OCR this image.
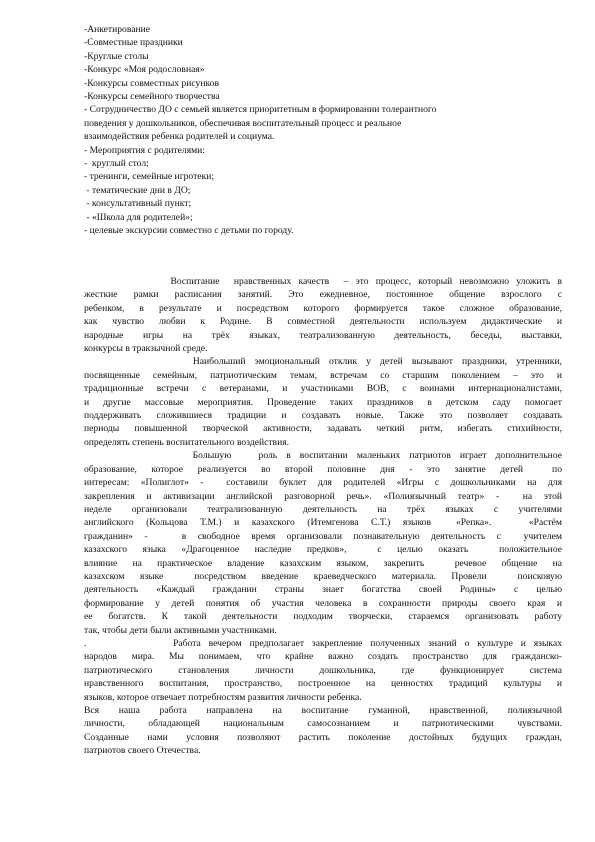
-Анкетирование
-Совместные праздники
-Круглые столы
-Конкурс «Моя родословная»
-Конкурсы совместных рисунков
-Конкурсы семейного творчества
- Сотрудничество ДО с семьей является приоритетным в формировании толерантного
поведения у дошкольников, обеспечивая воспитательный процесс и реальное
взаимодействия ребенка родителей и социума.
- Мероприятия с родителями:
-  круглый стол;
- тренинги, семейные игротеки;
- тематические дни в ДО;
- консультативный пункт;
- «Школа для родителей»;
- целевые экскурсии совместно с детьми по городу.
Воспитание  нравственных качеств  – это процесс, который невозможно уложить в
жесткие рамки расписания занятий. Это ежедневное, постоянное общение взрослого с
ребенком, в результате и посредством которого формируется такое сложное образование,
как чувство любви к Родине. В совместной деятельности используем дидактические и
народные игры на трёх языках, театрализованную деятельность, беседы, выставки,
конкурсы в тракзычной среде.
Наибольший эмоциональный отклик у детей вызывают праздники, утренники,
посвященные семейным, патриотическим темам, встречам со старшим поколением – это и
традиционные встречи с ветеранами, и участниками ВОВ, с воинами интернационалистами,
и другие массовые мероприятия. Проведение таких праздников в детском саду помогает
поддерживать сложившиеся традиции и создавать новые. Также это позволяет создавать
периоды повышенной творческой активности, задавать четкий ритм, избегать стихийности,
определять степень воспитательного воздействия.
Большую   роль в воспитании маленьких патриотов играет дополнительное
образование, которое реализуется во второй половине дня - это занятие детей  по
интересам: «Полиглот» -  составили буклет для родителей «Игры с дошкольниками на для
закрепления и активизации английской разговорной речь». «Полиязычный театр» -  на этой
неделе организовали театрализованную деятельность на трёх языках с учителями
английского (Кольцова Т.М.) и казахского (Итемгенова С.Т.) языков  «Репка».   «Растём
гражданин» -   в свободное время организовали познавательную деятельность с  учителем
казахского языка «Драгоценное наследие предков»,  с целью оказать  положительное
влияние на практическое владение казахским языком, закрепить  речевое общение на
казахском языке  посредством введение краеведческого материала. Провели  поисковую
деятельность «Каждый гражданин страны знает богатства своей Родины» с целью
формирование у детей понятия об участия человека в сохранности природы своего края и
ее богатств. К такой деятельности подходим творчески, стараемся организовать работу
так, чтобы дети были активными участниками.
.           Работа вечером предполагает закрепление полученных знаний о культуре и языках
народов мира. Мы понимаем, что крайне важно создать пространство для гражданско-
патриотического становления личности дошкольника, где функционирует система
нравственного воспитания, пространство, построенное на ценностях традиций культуры и
языков, которое отвечает потребностям развития личности ребенка.
Вся наша работа направлена на воспитание гуманной, нравственной, полиязычной
личности, обладающей национальным самосознанием и патриотическими чувствами.
Созданные нами условия позволяют растить поколение достойных будущих граждан,
патриотов своего Отечества.
